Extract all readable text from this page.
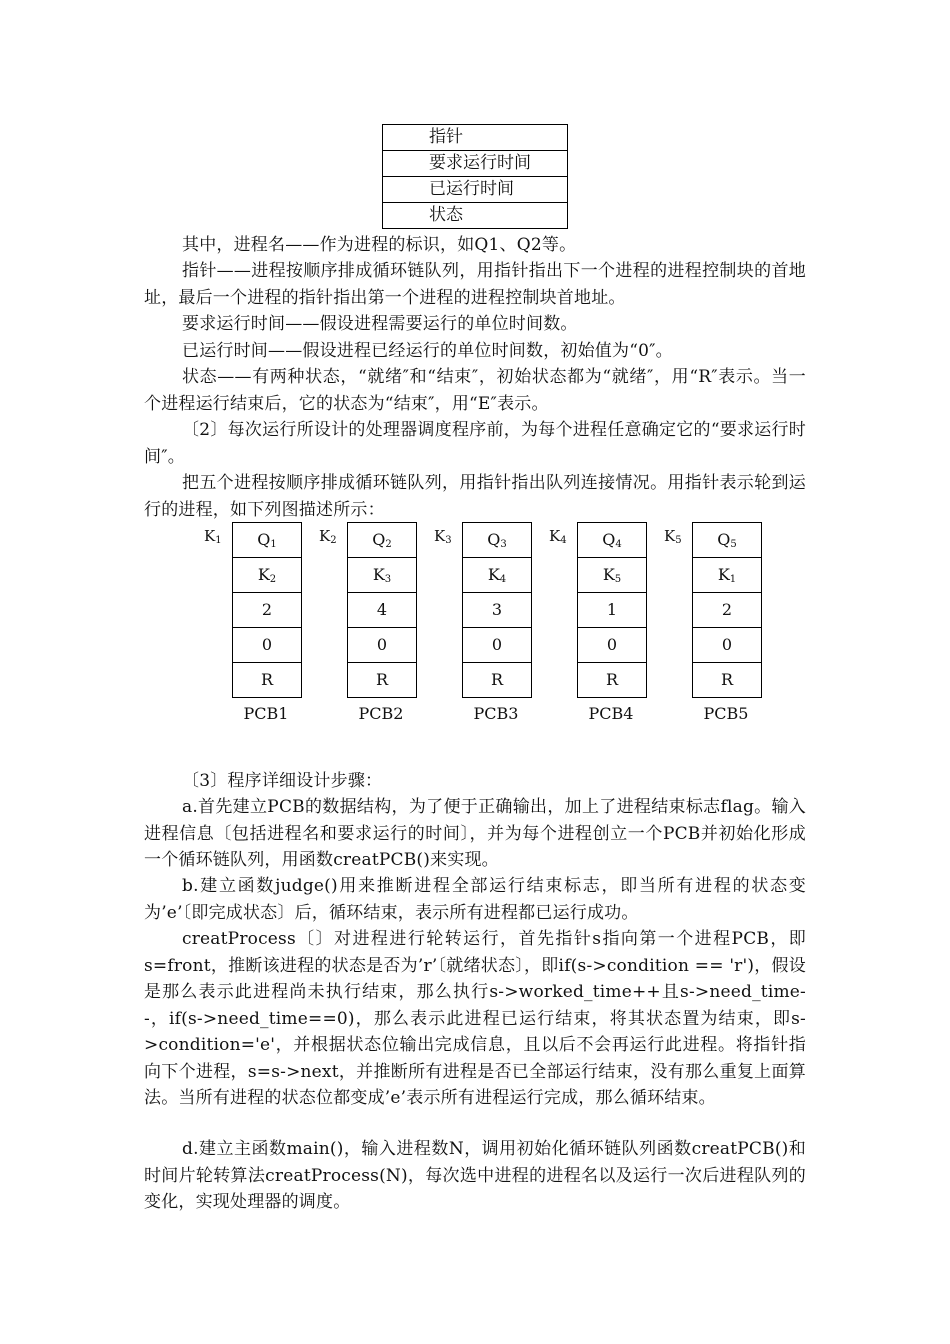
指针
要求运行时间
已运行时间
状态

其中，进程名——作为进程的标识，如Q1、Q2等。

指针——进程按顺序排成循环链队列，用指针指出下一个进程的进程控制块的首地址，最后一个进程的指针指出第一个进程的进程控制块首地址。

要求运行时间——假设进程需要运行的单位时间数。

已运行时间——假设进程已经运行的单位时间数，初始值为“0″。

状态——有两种状态，“就绪″和“结束″，初始状态都为“就绪″，用“R″表示。当一个进程运行结束后，它的状态为“结束″，用“E″表示。

〔2〕每次运行所设计的处理器调度程序前，为每个进程任意确定它的“要求运行时间″。

把五个进程按顺序排成循环链队列，用指针指出队列连接情况。用指针表示轮到运行的进程，如下列图描述所示：

$K_1$	$Q_1$
$K_2$
2
0
R
PCB1
$K_2$	$Q_2$
$K_3$
4
0
R
PCB2
$K_3$	$Q_3$
$K_4$
3
0
R
PCB3
$K_4$	$Q_4$
$K_5$
1
0
R
PCB4
$K_5$	$Q_5$
$K_1$
2
0
R
PCB5

〔3〕程序详细设计步骤：

a.首先建立PCB的数据结构，为了便于正确输出，加上了进程结束标志flag。输入进程信息〔包括进程名和要求运行的时间〕，并为每个进程创立一个PCB并初始化形成一个循环链队列，用函数creatPCB()来实现。

b.建立函数judge()用来推断进程全部运行结束标志，即当所有进程的状态变为’e’〔即完成状态〕后，循环结束，表示所有进程都已运行成功。

creatProcess〔〕对进程进行轮转运行，首先指针s指向第一个进程PCB，即s=front，推断该进程的状态是否为’r’〔就绪状态〕，即if(s->condition == 'r')，假设是那么表示此进程尚未执行结束，那么执行s->worked_time++且s->need_time--，if(s->need_time==0)，那么表示此进程已运行结束，将其状态置为结束，即s->condition='e'，并根据状态位输出完成信息，且以后不会再运行此进程。将指针指向下个进程，s=s->next，并推断所有进程是否已全部运行结束，没有那么重复上面算法。当所有进程的状态位都变成’e’表示所有进程运行完成，那么循环结束。

d.建立主函数main()，输入进程数N，调用初始化循环链队列函数creatPCB()和时间片轮转算法creatProcess(N)，每次选中进程的进程名以及运行一次后进程队列的变化，实现处理器的调度。
